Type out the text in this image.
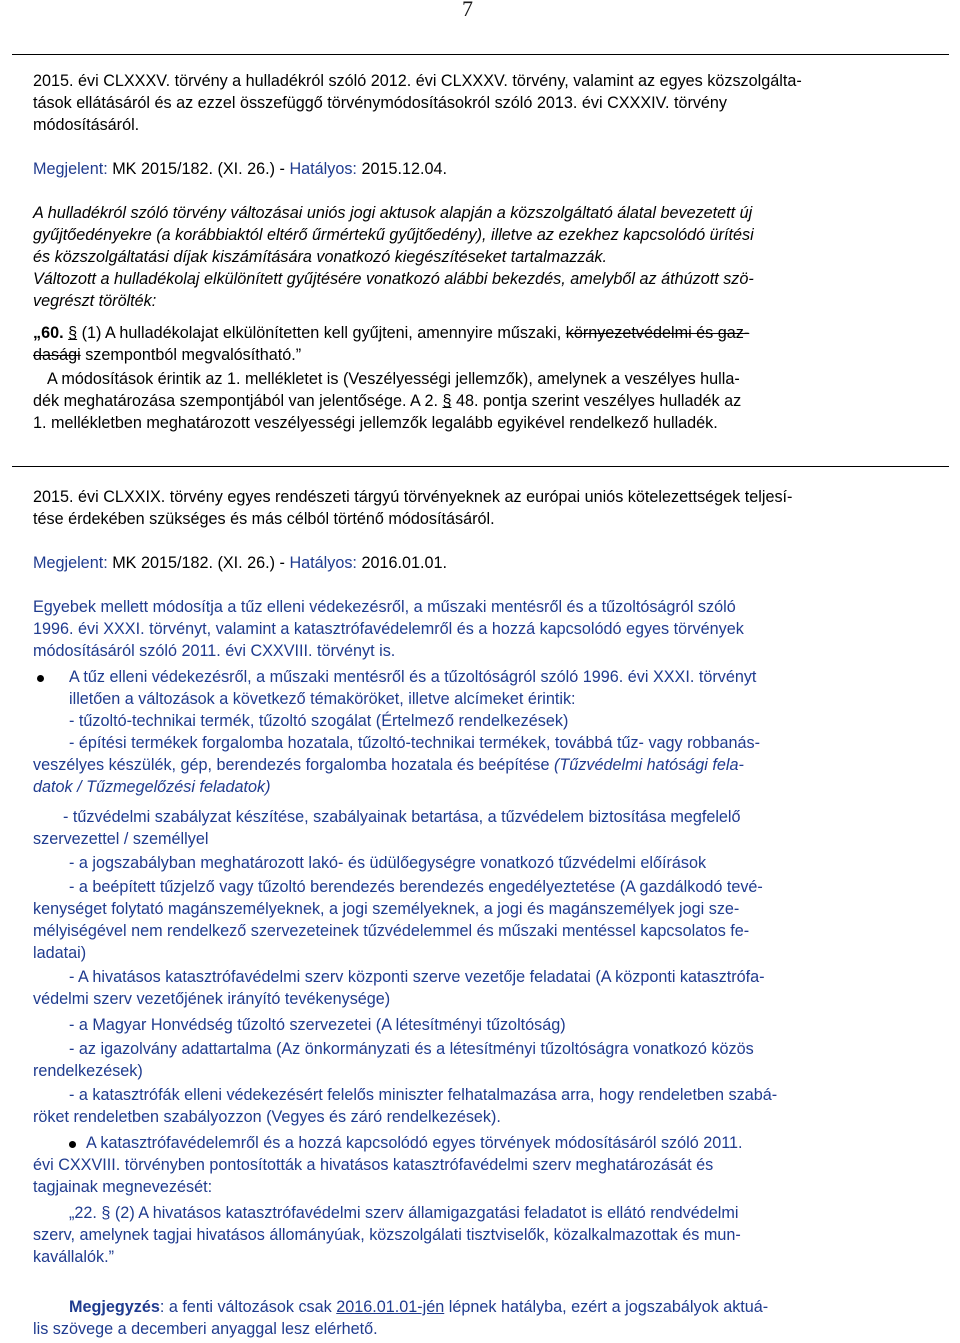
7
2015. évi CLXXXV. törvény a hulladékról szóló 2012. évi CLXXXV. törvény, valamint az egyes közszolgálta-
tások ellátásáról és az ezzel összefüggő törvénymódosításokról szóló 2013. évi CXXXIV. törvény
módosításáról.
Megjelent: MK 2015/182. (XI. 26.) - Hatályos: 2015.12.04.
A hulladékról szóló törvény változásai uniós jogi aktusok alapján a közszolgáltató álatal bevezetett új
gyűjtőedényekre (a korábbiaktól eltérő űrmértekű gyűjtőedény), illetve az ezekhez kapcsolódó ürítési
és közszolgáltatási díjak kiszámítására vonatkozó kiegészítéseket tartalmazzák.
Változott a hulladékolaj elkülönített gyűjtésére vonatkozó alábbi bekezdés, amelyből az áthúzott szö-
vegrészt törölték:
„60. § (1) A hulladékolajat elkülönítetten kell gyűjteni, amennyire műszaki, környezetvédelmi és gaz-
dasági szempontból megvalósítható.”
A módosítások érintik az 1. mellékletet is (Veszélyességi jellemzők), amelynek a veszélyes hulla-
dék meghatározása szempontjából van jelentősége. A 2. § 48. pontja szerint veszélyes hulladék az
1. mellékletben meghatározott veszélyességi jellemzők legalább egyikével rendelkező hulladék.
2015. évi CLXXIX. törvény egyes rendészeti tárgyú törvényeknek az európai uniós kötelezettségek teljesí-
tése érdekében szükséges és más célból történő módosításáról.
Megjelent: MK 2015/182. (XI. 26.) - Hatályos: 2016.01.01.
Egyebek mellett módosítja a tűz elleni védekezésről, a műszaki mentésről és a tűzoltóságról szóló
1996. évi XXXI. törvényt, valamint a katasztrófavédelemről és a hozzá kapcsolódó egyes törvények
módosításáról szóló 2011. évi CXXVIII. törvényt is.
A tűz elleni védekezésről, a műszaki mentésről és a tűzoltóságról szóló 1996. évi XXXI. törvényt
illetően a változások a következő témaköröket, illetve alcímeket érintik:
- tűzoltó-technikai termék, tűzoltó szogálat (Értelmező rendelkezések)
- építési termékek forgalomba hozatala, tűzoltó-technikai termékek, továbbá tűz- vagy robbanás-
veszélyes készülék, gép, berendezés forgalomba hozatala és beépítése (Tűzvédelmi hatósági fela-
datok / Tűzmegelőzési feladatok)
- tűzvédelmi szabályzat készítése, szabályainak betartása, a tűzvédelem biztosítása megfelelő
szervezettel / személlyel
- a jogszabályban meghatározott lakó- és üdülőegységre vonatkozó tűzvédelmi előírások
- a beépített tűzjelző vagy tűzoltó berendezés berendezés engedélyeztetése (A gazdálkodó tevé-
kenységet folytató magánszemélyeknek, a jogi személyeknek, a jogi és magánszemélyek jogi sze-
mélyiségével nem rendelkező szervezeteinek tűzvédelemmel és műszaki mentéssel kapcsolatos fe-
ladatai)
- A hivatásos katasztrófavédelmi szerv központi szerve vezetője feladatai (A központi katasztrófa-
védelmi szerv vezetőjének irányító tevékenysége)
- a Magyar Honvédség tűzoltó szervezetei (A létesítményi tűzoltóság)
- az igazolvány adattartalma (Az önkormányzati és a létesítményi tűzoltóságra vonatkozó közös
rendelkezések)
- a katasztrófák elleni védekezésért felelős miniszter felhatalmazása arra, hogy rendeletben szabá-
röket rendeletben szabályozzon (Vegyes és záró rendelkezések).
A katasztrófavédelemről és a hozzá kapcsolódó egyes törvények módosításáról szóló 2011.
évi CXXVIII. törvényben pontosították a hivatásos katasztrófavédelmi szerv meghatározását és
tagjainak megnevezését:
„22. § (2) A hivatásos katasztrófavédelmi szerv államigazgatási feladatot is ellátó rendvédelmi
szerv, amelynek tagjai hivatásos állományúak, közszolgálati tisztviselők, közalkalmazottak és mun-
kavállalók.”
Megjegyzés: a fenti változások csak 2016.01.01-jén lépnek hatályba, ezért a jogszabályok aktuá-
lis szövege a decemberi anyaggal lesz elérhető.
